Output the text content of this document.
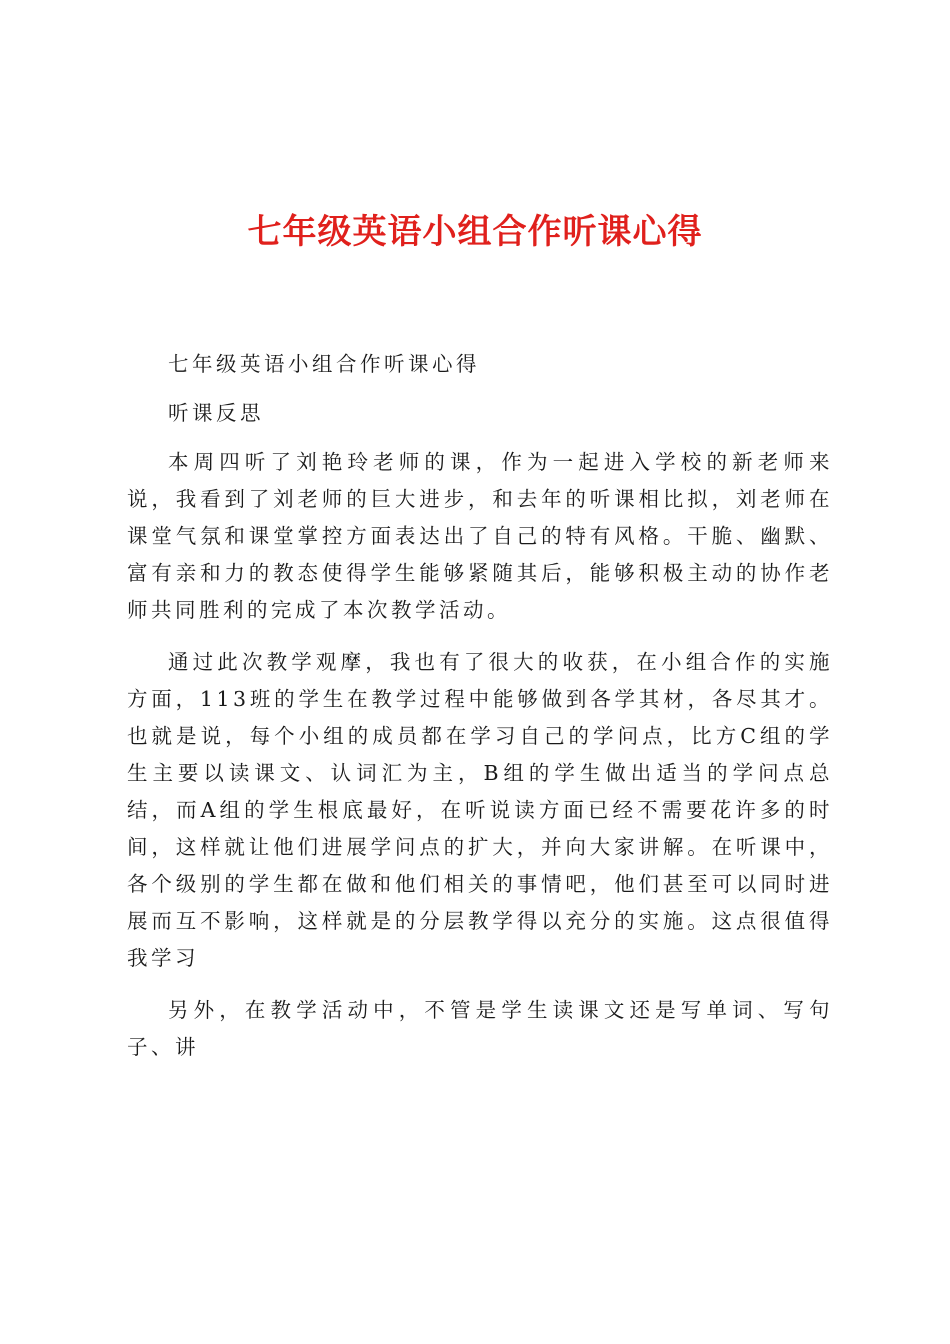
七年级英语小组合作听课心得

七年级英语小组合作听课心得

听课反思

本周四听了刘艳玲老师的课，作为一起进入学校的新老师来说，我看到了刘老师的巨大进步，和去年的听课相比拟，刘老师在课堂气氛和课堂掌控方面表达出了自己的特有风格。干脆、幽默、富有亲和力的教态使得学生能够紧随其后，能够积极主动的协作老师共同胜利的完成了本次教学活动。

通过此次教学观摩，我也有了很大的收获，在小组合作的实施方面，113班的学生在教学过程中能够做到各学其材，各尽其才。也就是说，每个小组的成员都在学习自己的学问点，比方C组的学生主要以读课文、认词汇为主，B组的学生做出适当的学问点总结，而A组的学生根底最好，在听说读方面已经不需要花许多的时间，这样就让他们进展学问点的扩大，并向大家讲解。在听课中，各个级别的学生都在做和他们相关的事情吧，他们甚至可以同时进展而互不影响，这样就是的分层教学得以充分的实施。这点很值得我学习

另外，在教学活动中，不管是学生读课文还是写单词、写句子、讲
